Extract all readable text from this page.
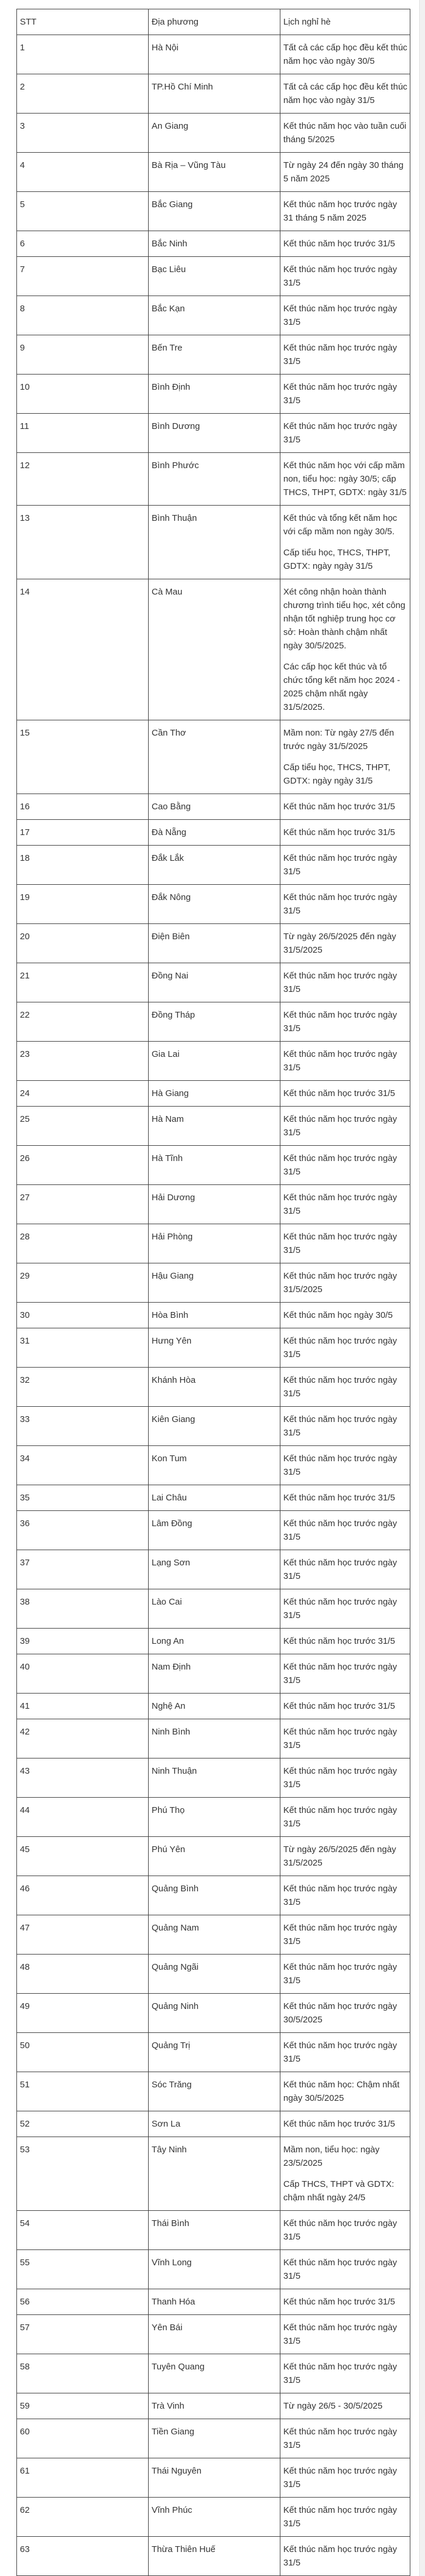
STT	Địa phương	Lịch nghỉ hè
1	Hà Nội	Tất cả các cấp học đều kết thúc năm học vào ngày 30/5

2	TP.Hồ Chí Minh	Tất cả các cấp học đều kết thúc năm học vào ngày 31/5

3	An Giang	Kết thúc năm học vào tuần cuối tháng 5/2025

4	Bà Rịa – Vũng Tàu	Từ ngày 24 đến ngày 30 tháng 5 năm 2025

5	Bắc Giang	Kết thúc năm học trước ngày 31 tháng 5 năm 2025

6	Bắc Ninh	Kết thúc năm học trước 31/5

7	Bạc Liêu	Kết thúc năm học trước ngày 31/5

8	Bắc Kạn	Kết thúc năm học trước ngày 31/5

9	Bến Tre	Kết thúc năm học trước ngày 31/5

10	Bình Định	Kết thúc năm học trước ngày 31/5

11	Bình Dương	Kết thúc năm học trước ngày 31/5

12	Bình Phước	Kết thúc năm học với cấp mầm non, tiểu học: ngày 30/5; cấp THCS, THPT, GDTX: ngày 31/5

13	Bình Thuận	Kết thúc và tổng kết năm học với cấp mầm non ngày 30/5.

Cấp tiểu học, THCS, THPT, GDTX: ngày ngày 31/5

14	Cà Mau	Xét công nhận hoàn thành chương trình tiểu học, xét công nhận tốt nghiệp trung học cơ sở: Hoàn thành chậm nhất ngày 30/5/2025.

Các cấp học kết thúc và tổ chức tổng kết năm học 2024 - 2025 chậm nhất ngày 31/5/2025.

15	Cần Thơ	Mầm non: Từ ngày 27/5 đến trước ngày 31/5/2025

Cấp tiểu học, THCS, THPT, GDTX: ngày ngày 31/5

16	Cao Bằng	Kết thúc năm học trước 31/5

17	Đà Nẵng	Kết thúc năm học trước 31/5

18	Đắk Lắk	Kết thúc năm học trước ngày 31/5

19	Đắk Nông	Kết thúc năm học trước ngày 31/5

20	Điện Biên	Từ ngày 26/5/2025 đến ngày 31/5/2025

21	Đồng Nai	Kết thúc năm học trước ngày 31/5

22	Đồng Tháp	Kết thúc năm học trước ngày 31/5

23	Gia Lai	Kết thúc năm học trước ngày 31/5

24	Hà Giang	Kết thúc năm học trước 31/5

25	Hà Nam	Kết thúc năm học trước ngày 31/5

26	Hà Tĩnh	Kết thúc năm học trước ngày 31/5

27	Hải Dương	Kết thúc năm học trước ngày 31/5

28	Hải Phòng	Kết thúc năm học trước ngày 31/5

29	Hậu Giang	Kết thúc năm học trước ngày 31/5/2025

30	Hòa Bình	Kết thúc năm học ngày 30/5

31	Hưng Yên	Kết thúc năm học trước ngày 31/5

32	Khánh Hòa	Kết thúc năm học trước ngày 31/5

33	Kiên Giang	Kết thúc năm học trước ngày 31/5

34	Kon Tum	Kết thúc năm học trước ngày 31/5

35	Lai Châu	Kết thúc năm học trước 31/5

36	Lâm Đồng	Kết thúc năm học trước ngày 31/5

37	Lạng Sơn	Kết thúc năm học trước ngày 31/5

38	Lào Cai	Kết thúc năm học trước ngày 31/5

39	Long An	Kết thúc năm học trước 31/5

40	Nam Định	Kết thúc năm học trước ngày 31/5

41	Nghệ An	Kết thúc năm học trước 31/5

42	Ninh Bình	Kết thúc năm học trước ngày 31/5

43	Ninh Thuận	Kết thúc năm học trước ngày 31/5

44	Phú Thọ	Kết thúc năm học trước ngày 31/5

45	Phú Yên	Từ ngày 26/5/2025 đến ngày 31/5/2025

46	Quảng Bình	Kết thúc năm học trước ngày 31/5

47	Quảng Nam	Kết thúc năm học trước ngày 31/5

48	Quảng Ngãi	Kết thúc năm học trước ngày 31/5

49	Quảng Ninh	Kết thúc năm học trước ngày 30/5/2025

50	Quảng Trị	Kết thúc năm học trước ngày 31/5

51	Sóc Trăng	Kết thúc năm học: Chậm nhất ngày 30/5/2025

52	Sơn La	Kết thúc năm học trước 31/5

53	Tây Ninh	Mầm non, tiểu học: ngày 23/5/2025

Cấp THCS, THPT và GDTX: chậm nhất ngày 24/5

54	Thái Bình	Kết thúc năm học trước ngày 31/5

55	Vĩnh Long	Kết thúc năm học trước ngày 31/5

56	Thanh Hóa	Kết thúc năm học trước 31/5

57	Yên Bái	Kết thúc năm học trước ngày 31/5

58	Tuyên Quang	Kết thúc năm học trước ngày 31/5

59	Trà Vinh	Từ ngày 26/5 - 30/5/2025

60	Tiền Giang	Kết thúc năm học trước ngày 31/5

61	Thái Nguyên	Kết thúc năm học trước ngày 31/5

62	Vĩnh Phúc	Kết thúc năm học trước ngày 31/5

63	Thừa Thiên Huế	Kết thúc năm học trước ngày 31/5
